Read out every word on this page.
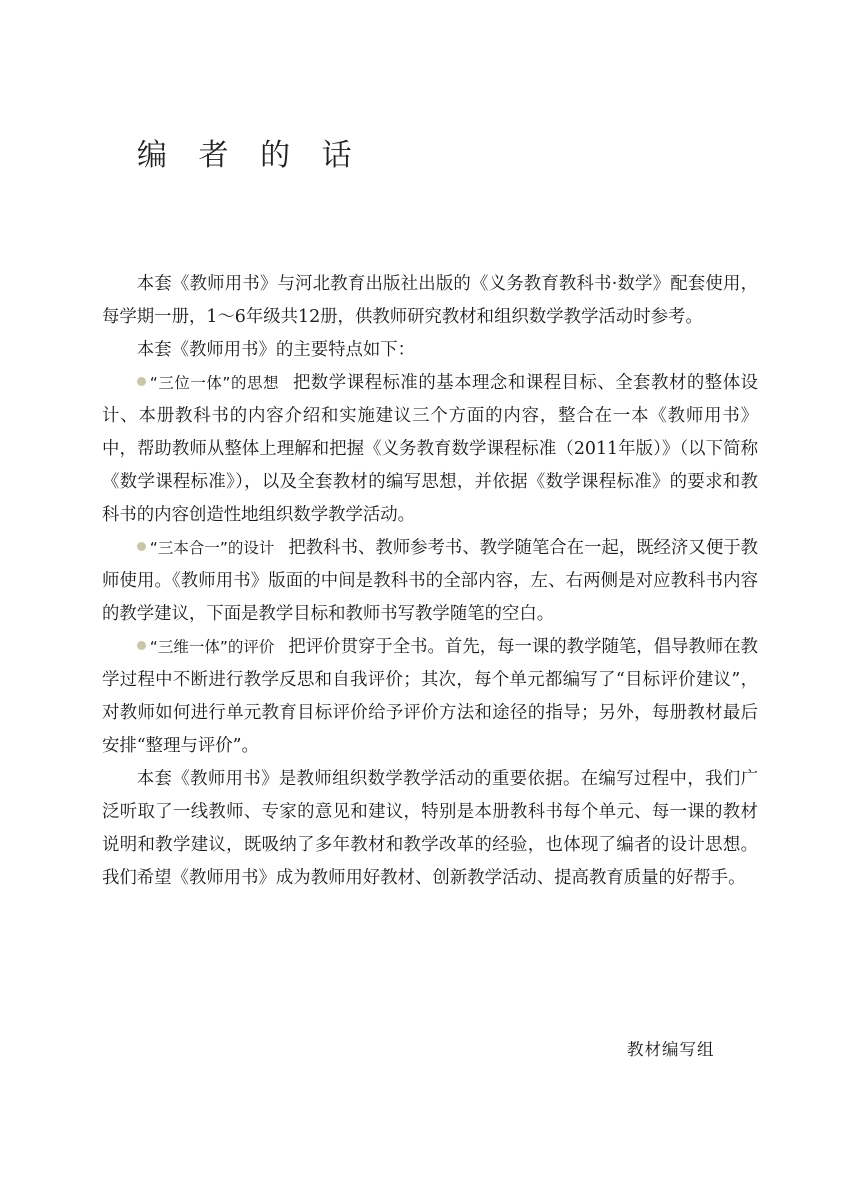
编 者 的 话

本套《教师用书》与河北教育出版社出版的《义务教育教科书·数学》配套使用，每学期一册，1～6年级共12册，供教师研究教材和组织数学教学活动时参考。

本套《教师用书》的主要特点如下：

“三位一体”的思想 把数学课程标准的基本理念和课程目标、全套教材的整体设计、本册教科书的内容介绍和实施建议三个方面的内容，整合在一本《教师用书》中，帮助教师从整体上理解和把握《义务教育数学课程标准（2011年版）》（以下简称《数学课程标准》），以及全套教材的编写思想，并依据《数学课程标准》的要求和教科书的内容创造性地组织数学教学活动。

“三本合一”的设计 把教科书、教师参考书、教学随笔合在一起，既经济又便于教师使用。《教师用书》版面的中间是教科书的全部内容，左、右两侧是对应教科书内容的教学建议，下面是教学目标和教师书写教学随笔的空白。

“三维一体”的评价 把评价贯穿于全书。首先，每一课的教学随笔，倡导教师在教学过程中不断进行教学反思和自我评价；其次，每个单元都编写了“目标评价建议”，对教师如何进行单元教育目标评价给予评价方法和途径的指导；另外，每册教材最后安排“整理与评价”。

本套《教师用书》是教师组织数学教学活动的重要依据。在编写过程中，我们广泛听取了一线教师、专家的意见和建议，特别是本册教科书每个单元、每一课的教材说明和教学建议，既吸纳了多年教材和教学改革的经验，也体现了编者的设计思想。我们希望《教师用书》成为教师用好教材、创新教学活动、提高教育质量的好帮手。

教材编写组
